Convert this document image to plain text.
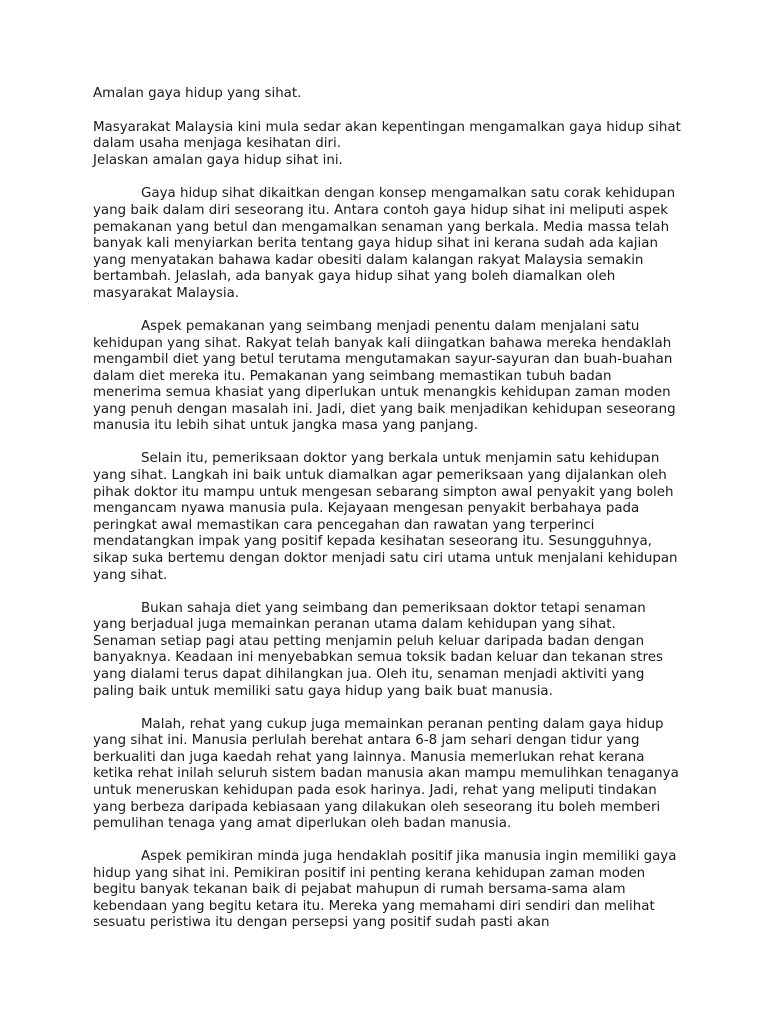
Amalan gaya hidup yang sihat.

Masyarakat Malaysia kini mula sedar akan kepentingan mengamalkan gaya hidup sihat dalam usaha menjaga kesihatan diri.
Jelaskan amalan gaya hidup sihat ini.

Gaya hidup sihat dikaitkan dengan konsep mengamalkan satu corak kehidupan yang baik dalam diri seseorang itu. Antara contoh gaya hidup sihat ini meliputi aspek pemakanan yang betul dan mengamalkan senaman yang berkala. Media massa telah banyak kali menyiarkan berita tentang gaya hidup sihat ini kerana sudah ada kajian yang menyatakan bahawa kadar obesiti dalam kalangan rakyat Malaysia semakin bertambah. Jelaslah, ada banyak gaya hidup sihat yang boleh diamalkan oleh masyarakat Malaysia.

Aspek pemakanan yang seimbang menjadi penentu dalam menjalani satu kehidupan yang sihat. Rakyat telah banyak kali diingatkan bahawa mereka hendaklah mengambil diet yang betul terutama mengutamakan sayur-sayuran dan buah-buahan dalam diet mereka itu. Pemakanan yang seimbang memastikan tubuh badan menerima semua khasiat yang diperlukan untuk menangkis kehidupan zaman moden yang penuh dengan masalah ini. Jadi, diet yang baik menjadikan kehidupan seseorang manusia itu lebih sihat untuk jangka masa yang panjang.

Selain itu, pemeriksaan doktor yang berkala untuk menjamin satu kehidupan yang sihat. Langkah ini baik untuk diamalkan agar pemeriksaan yang dijalankan oleh pihak doktor itu mampu untuk mengesan sebarang simpton awal penyakit yang boleh mengancam nyawa manusia pula. Kejayaan mengesan penyakit berbahaya pada peringkat awal memastikan cara pencegahan dan rawatan yang terperinci mendatangkan impak yang positif kepada kesihatan seseorang itu. Sesungguhnya, sikap suka bertemu dengan doktor menjadi satu ciri utama untuk menjalani kehidupan yang sihat.

Bukan sahaja diet yang seimbang dan pemeriksaan doktor tetapi senaman yang berjadual juga memainkan peranan utama dalam kehidupan yang sihat. Senaman setiap pagi atau petting menjamin peluh keluar daripada badan dengan banyaknya. Keadaan ini menyebabkan semua toksik badan keluar dan tekanan stres yang dialami terus dapat dihilangkan jua. Oleh itu, senaman menjadi aktiviti yang paling baik untuk memiliki satu gaya hidup yang baik buat manusia.

Malah, rehat yang cukup juga memainkan peranan penting dalam gaya hidup yang sihat ini. Manusia perlulah berehat antara 6-8 jam sehari dengan tidur yang berkualiti dan juga kaedah rehat yang lainnya. Manusia memerlukan rehat kerana ketika rehat inilah seluruh sistem badan manusia akan mampu memulihkan tenaganya untuk meneruskan kehidupan pada esok harinya. Jadi, rehat yang meliputi tindakan yang berbeza daripada kebiasaan yang dilakukan oleh seseorang itu boleh memberi pemulihan tenaga yang amat diperlukan oleh badan manusia.

Aspek pemikiran minda juga hendaklah positif jika manusia ingin memiliki gaya hidup yang sihat ini. Pemikiran positif ini penting kerana kehidupan zaman moden begitu banyak tekanan baik di pejabat mahupun di rumah bersama-sama alam kebendaan yang begitu ketara itu. Mereka yang memahami diri sendiri dan melihat sesuatu peristiwa itu dengan persepsi yang positif sudah pasti akan
